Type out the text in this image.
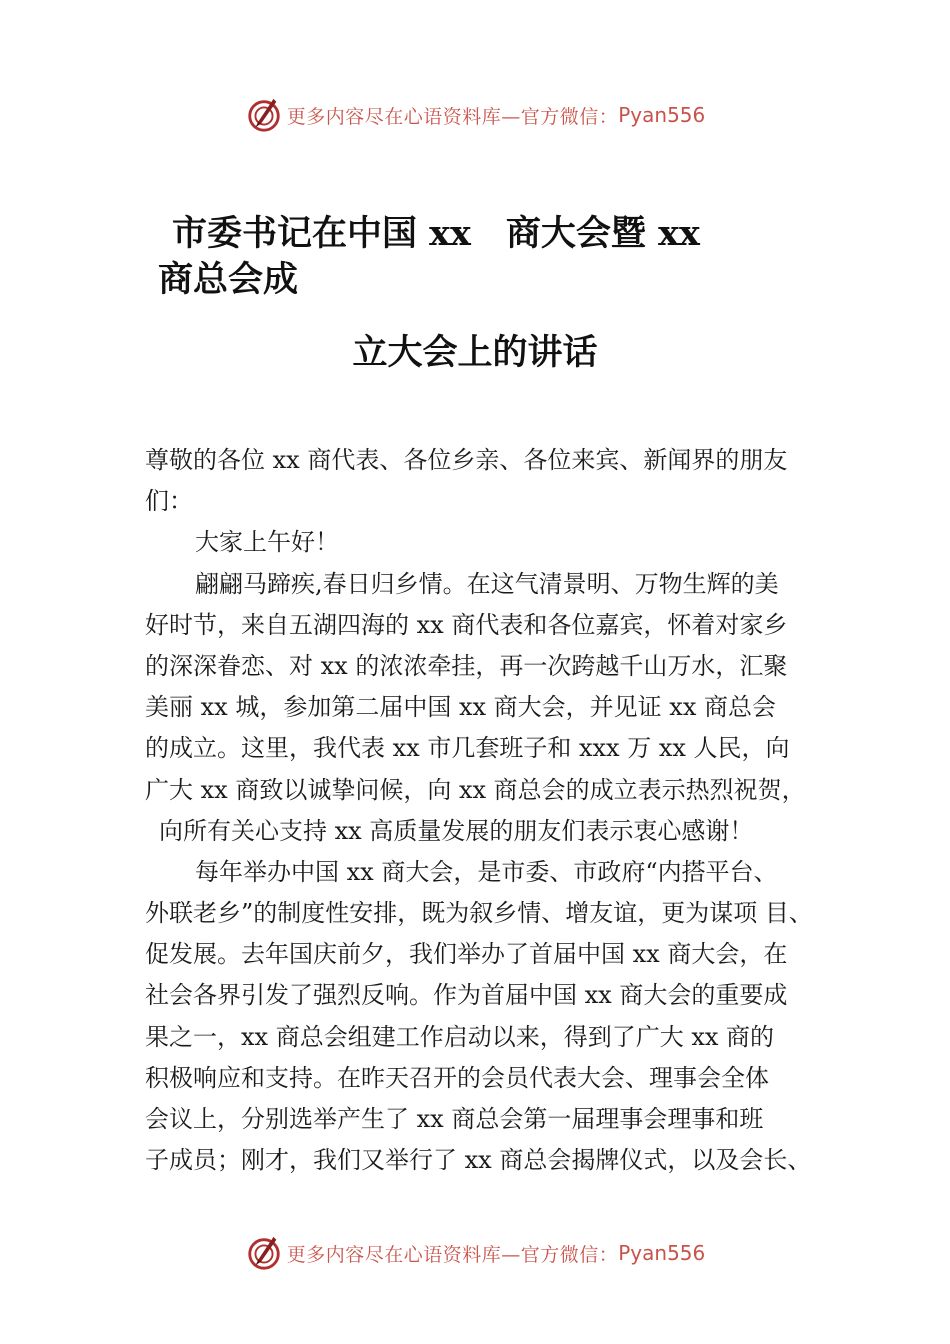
更多内容尽在心语资料库—官方微信： Pyan556
市委书记在中国 xx　商大会暨 xx
商总会成
立大会上的讲话
尊敬的各位 xx 商代表、各位乡亲、各位来宾、新闻界的朋友
们：
大家上午好！
翩翩马蹄疾,春日归乡情。在这气清景明、万物生辉的美
好时节，来自五湖四海的 xx 商代表和各位嘉宾，怀着对家乡
的深深眷恋、对 xx 的浓浓牵挂，再一次跨越千山万水，汇聚
美丽 xx 城，参加第二届中国 xx 商大会，并见证 xx 商总会
的成立。这里，我代表 xx 市几套班子和 xxx 万 xx 人民，向
广大 xx 商致以诚挚问候，向 xx 商总会的成立表示热烈祝贺，
向所有关心支持 xx 高质量发展的朋友们表示衷心感谢！
每年举办中国 xx 商大会，是市委、市政府“内搭平台、
外联老乡”的制度性安排，既为叙乡情、增友谊，更为谋项 目、
促发展。去年国庆前夕，我们举办了首届中国 xx 商大会，在
社会各界引发了强烈反响。作为首届中国 xx 商大会的重要成
果之一，xx 商总会组建工作启动以来，得到了广大 xx 商的
积极响应和支持。在昨天召开的会员代表大会、理事会全体
会议上，分别选举产生了 xx 商总会第一届理事会理事和班
子成员；刚才，我们又举行了 xx 商总会揭牌仪式，以及会长、
更多内容尽在心语资料库—官方微信： Pyan556
